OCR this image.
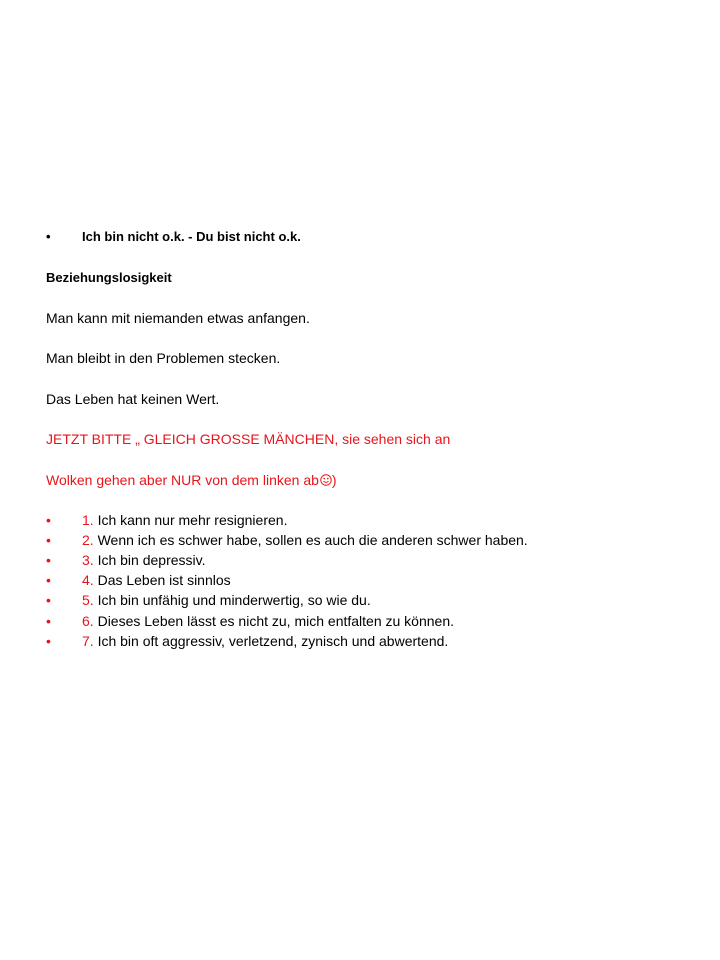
• Ich bin nicht o.k. - Du bist nicht o.k.
Beziehungslosigkeit
Man kann mit niemanden etwas anfangen.
Man bleibt in den Problemen stecken.
Das Leben hat keinen Wert.
JETZT BITTE „ GLEICH GROSSE MÄNCHEN, sie sehen sich an
Wolken gehen aber NUR von dem linken ab )
• 1. Ich kann nur mehr resignieren.
• 2. Wenn ich es schwer habe, sollen es auch die anderen schwer haben.
• 3. Ich bin depressiv.
• 4. Das Leben ist sinnlos
• 5. Ich bin unfähig und minderwertig, so wie du.
• 6. Dieses Leben lässt es nicht zu, mich entfalten zu können.
• 7. Ich bin oft aggressiv, verletzend, zynisch und abwertend.
